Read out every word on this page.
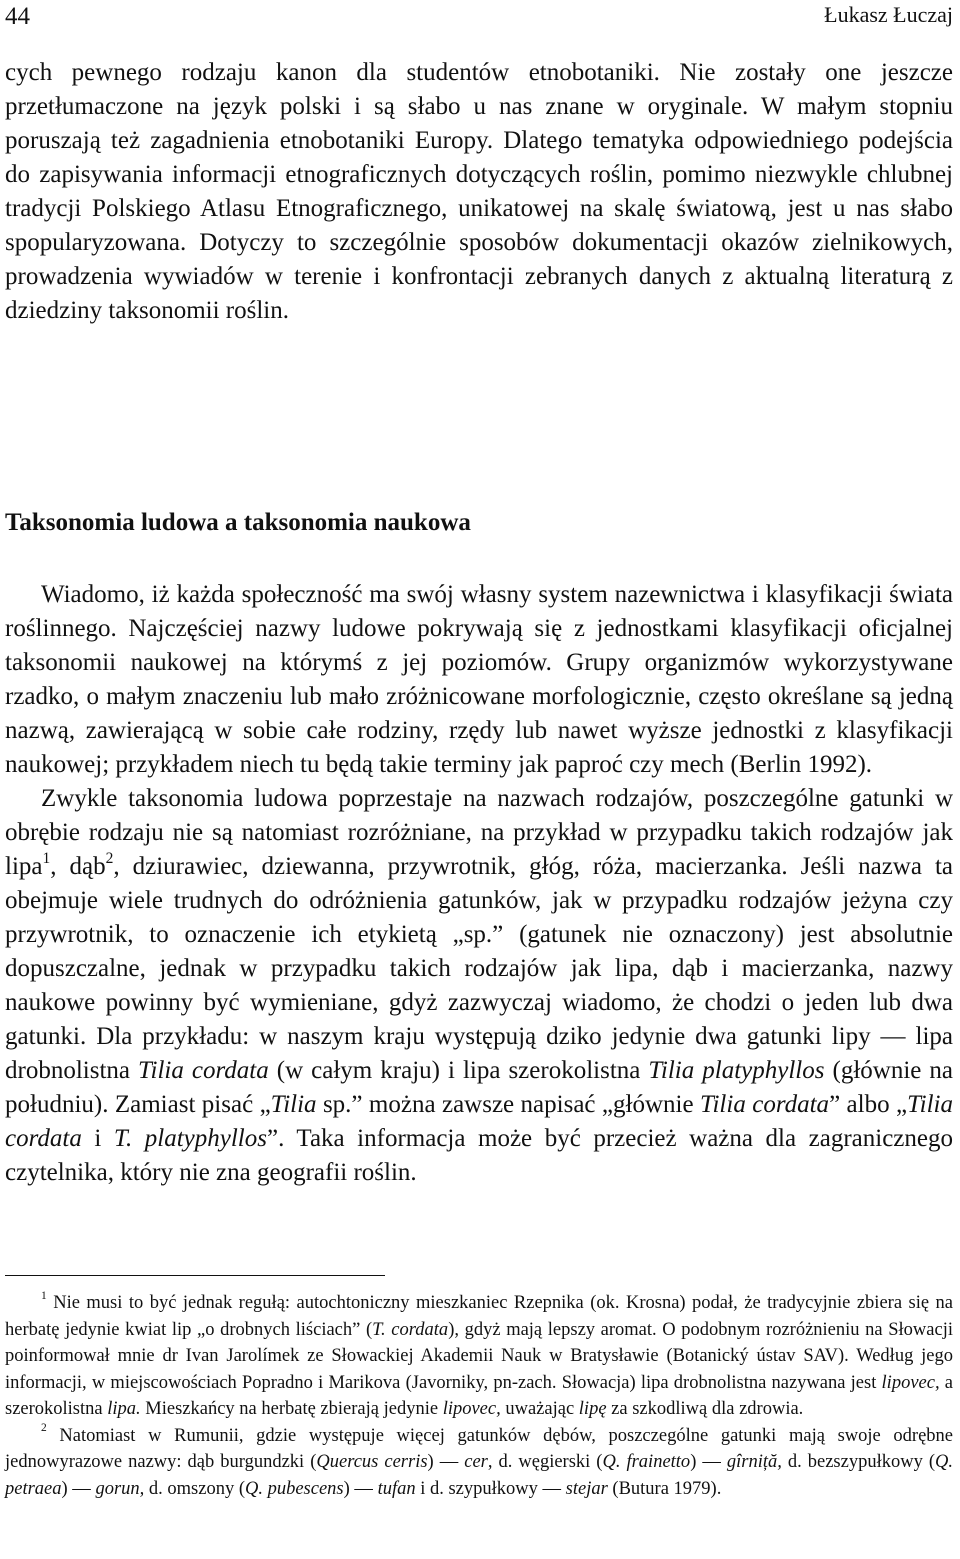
44	Łukasz Łuczaj

cych pewnego rodzaju kanon dla studentów etnobotaniki. Nie zostały one jeszcze przetłumaczone na język polski i są słabo u nas znane w oryginale. W małym stopniu poruszają też zagadnienia etnobotaniki Europy. Dlatego tematyka odpowiedniego podejścia do zapisywania informacji etnograficznych dotyczących roślin, pomimo niezwykle chlubnej tradycji Polskiego Atlasu Etnograficznego, unikatowej na skalę światową, jest u nas słabo spopularyzowana. Dotyczy to szczególnie sposobów dokumentacji okazów zielnikowych, prowadzenia wywiadów w terenie i konfrontacji zebranych danych z aktualną literaturą z dziedziny taksonomii roślin.

Taksonomia ludowa a taksonomia naukowa

Wiadomo, iż każda społeczność ma swój własny system nazewnictwa i klasyfikacji świata roślinnego. Najczęściej nazwy ludowe pokrywają się z jednostkami klasyfikacji oficjalnej taksonomii naukowej na którymś z jej poziomów. Grupy organizmów wykorzystywane rzadko, o małym znaczeniu lub mało zróżnicowane morfologicznie, często określane są jedną nazwą, zawierającą w sobie całe rodziny, rzędy lub nawet wyższe jednostki z klasyfikacji naukowej; przykładem niech tu będą takie terminy jak paproć czy mech (Berlin 1992).

Zwykle taksonomia ludowa poprzestaje na nazwach rodzajów, poszczególne gatunki w obrębie rodzaju nie są natomiast rozróżniane, na przykład w przypadku takich rodzajów jak lipa$^1$, dąb$^2$, dziurawiec, dziewanna, przywrotnik, głóg, róża, macierzanka. Jeśli nazwa ta obejmuje wiele trudnych do odróżnienia gatunków, jak w przypadku rodzajów jeżyna czy przywrotnik, to oznaczenie ich etykietą „sp.” (gatunek nie oznaczony) jest absolutnie dopuszczalne, jednak w przypadku takich rodzajów jak lipa, dąb i macierzanka, nazwy naukowe powinny być wymieniane, gdyż zazwyczaj wiadomo, że chodzi o jeden lub dwa gatunki. Dla przykładu: w naszym kraju występują dziko jedynie dwa gatunki lipy — lipa drobnolistna Tilia cordata (w całym kraju) i lipa szerokolistna Tilia platyphyllos (głównie na południu). Zamiast pisać „Tilia sp.” można zawsze napisać „głównie Tilia cordata” albo „Tilia cordata i T. platyphyllos”. Taka informacja może być przecież ważna dla zagranicznego czytelnika, który nie zna geografii roślin.

$^1$ Nie musi to być jednak regułą: autochtoniczny mieszkaniec Rzepnika (ok. Krosna) podał, że tradycyjnie zbiera się na herbatę jedynie kwiat lip „o drobnych liściach” (T. cordata), gdyż mają lepszy aromat. O podobnym rozróżnieniu na Słowacji poinformował mnie dr Ivan Jarolímek ze Słowackiej Akademii Nauk w Bratysławie (Botanický ústav SAV). Według jego informacji, w miejscowościach Popradno i Marikova (Javorniky, pn-zach. Słowacja) lipa drobnolistna nazywana jest lipovec, a szerokolistna lipa. Mieszkańcy na herbatę zbierają jedynie lipovec, uważając lipę za szkodliwą dla zdrowia.

$^2$ Natomiast w Rumunii, gdzie występuje więcej gatunków dębów, poszczególne gatunki mają swoje odrębne jednowyrazowe nazwy: dąb burgundzki (Quercus cerris) — cer, d. węgierski (Q. frainetto) — gîrniță, d. bezszypułkowy (Q. petraea) — gorun, d. omszony (Q. pubescens) — tufan i d. szypułkowy — stejar (Butura 1979).
